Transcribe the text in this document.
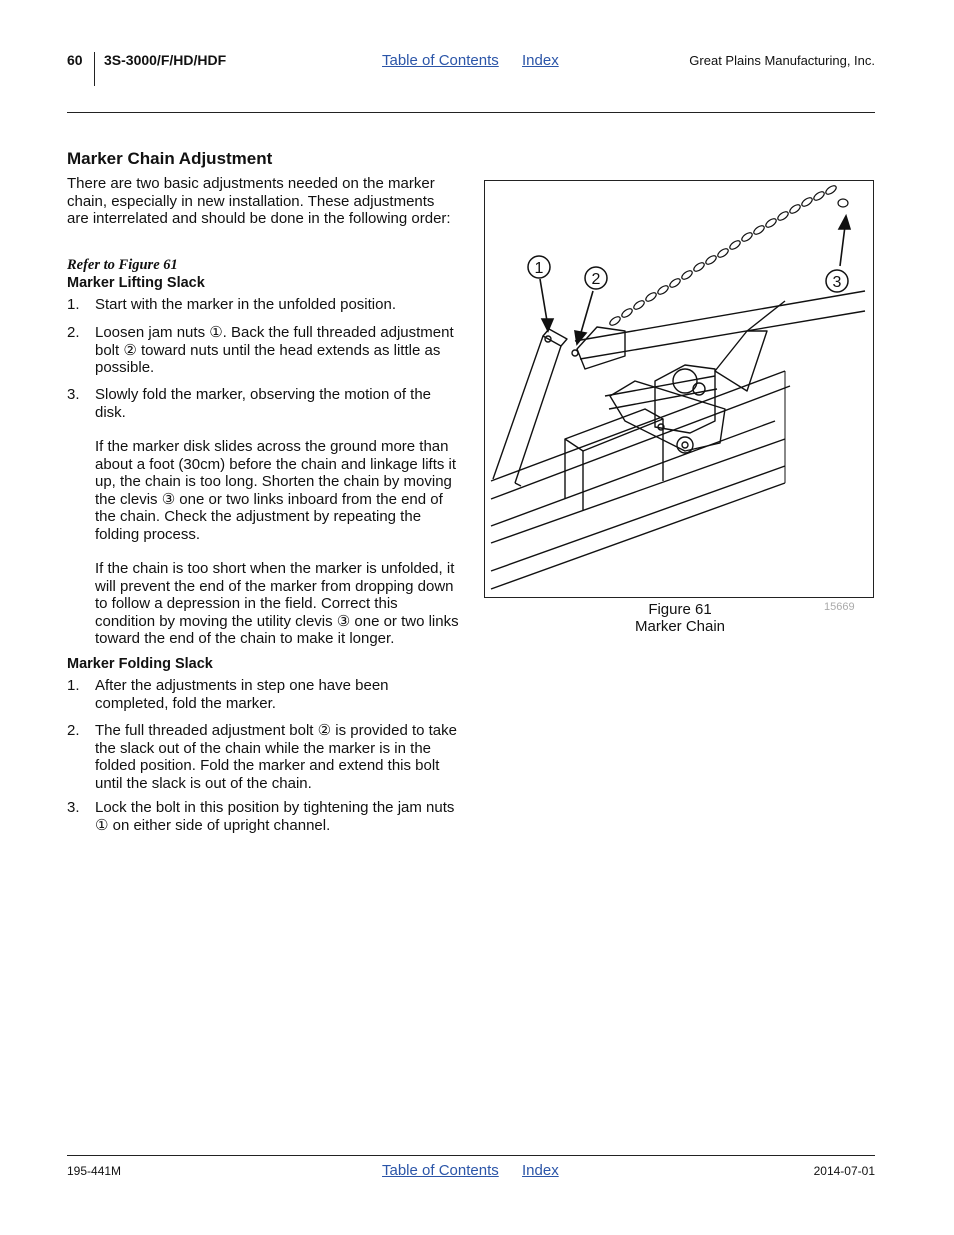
60 3S-3000/F/HD/HDF	Table of Contents Index	Great Plains Manufacturing, Inc.
Marker Chain Adjustment
There are two basic adjustments needed on the marker chain, especially in new installation. These adjustments are interrelated and should be done in the following order:
Refer to Figure 61
Marker Lifting Slack
1. Start with the marker in the unfolded position.
2. Loosen jam nuts ①. Back the full threaded adjustment bolt ② toward nuts until the head extends as little as possible.
3. Slowly fold the marker, observing the motion of the disk.
If the marker disk slides across the ground more than about a foot (30cm) before the chain and linkage lifts it up, the chain is too long. Shorten the chain by moving the clevis ③ one or two links inboard from the end of the chain. Check the adjustment by repeating the folding process.
If the chain is too short when the marker is unfolded, it will prevent the end of the marker from dropping down to follow a depression in the field. Correct this condition by moving the utility clevis ③ one or two links toward the end of the chain to make it longer.
Marker Folding Slack
1. After the adjustments in step one have been completed, fold the marker.
2. The full threaded adjustment bolt ② is provided to take the slack out of the chain while the marker is in the folded position. Fold the marker and extend this bolt until the slack is out of the chain.
3. Lock the bolt in this position by tightening the jam nuts ① on either side of upright channel.
1
2	3
Figure 61
Marker Chain
15669
195-441M	Table of Contents Index	2014-07-01
